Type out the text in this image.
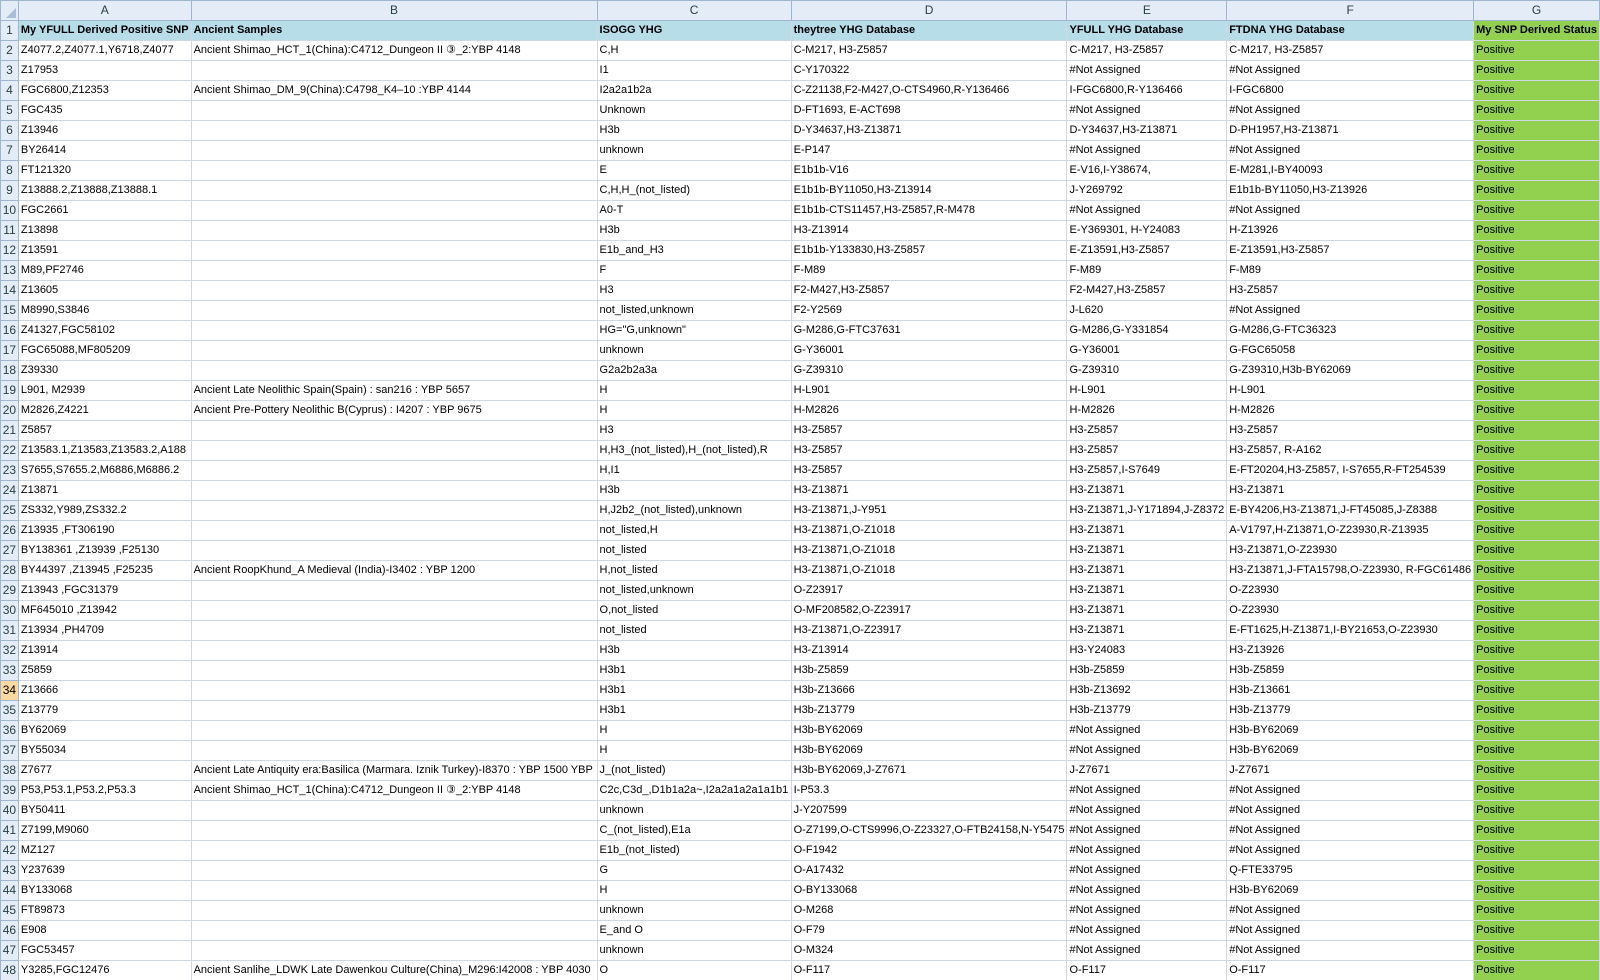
	A	B	C	D	E	F	G
1	My YFULL Derived Positive SNP	Ancient Samples	ISOGG YHG	theytree YHG Database	YFULL YHG Database	FTDNA YHG Database	My SNP Derived Status
2	Z4077.2,Z4077.1,Y6718,Z4077	Ancient Shimao_HCT_1(China):C4712_Dungeon II ③_2:YBP 4148	C,H	C-M217, H3-Z5857	C-M217, H3-Z5857	C-M217, H3-Z5857	Positive
3	Z17953		I1	C-Y170322	#Not Assigned	#Not Assigned	Positive
4	FGC6800,Z12353	Ancient Shimao_DM_9(China):C4798_K4–10 :YBP 4144	I2a2a1b2a	C-Z21138,F2-M427,O-CTS4960,R-Y136466	I-FGC6800,R-Y136466	I-FGC6800	Positive
5	FGC435		Unknown	D-FT1693, E-ACT698	#Not Assigned	#Not Assigned	Positive
6	Z13946		H3b	D-Y34637,H3-Z13871	D-Y34637,H3-Z13871	D-PH1957,H3-Z13871	Positive
7	BY26414		unknown	E-P147	#Not Assigned	#Not Assigned	Positive
8	FT121320		E	E1b1b-V16	E-V16,I-Y38674,	E-M281,I-BY40093	Positive
9	Z13888.2,Z13888,Z13888.1		C,H,H_(not_listed)	E1b1b-BY11050,H3-Z13914	J-Y269792	E1b1b-BY11050,H3-Z13926	Positive
10	FGC2661		A0-T	E1b1b-CTS11457,H3-Z5857,R-M478	#Not Assigned	#Not Assigned	Positive
11	Z13898		H3b	H3-Z13914	E-Y369301, H-Y24083	H-Z13926	Positive
12	Z13591		E1b_and_H3	E1b1b-Y133830,H3-Z5857	E-Z13591,H3-Z5857	E-Z13591,H3-Z5857	Positive
13	M89,PF2746		F	F-M89	F-M89	F-M89	Positive
14	Z13605		H3	F2-M427,H3-Z5857	F2-M427,H3-Z5857	H3-Z5857	Positive
15	M8990,S3846		not_listed,unknown	F2-Y2569	J-L620	#Not Assigned	Positive
16	Z41327,FGC58102		HG="G,unknown"	G-M286,G-FTC37631	G-M286,G-Y331854	G-M286,G-FTC36323	Positive
17	FGC65088,MF805209		unknown	G-Y36001	G-Y36001	G-FGC65058	Positive
18	Z39330		G2a2b2a3a	G-Z39310	G-Z39310	G-Z39310,H3b-BY62069	Positive
19	L901, M2939	Ancient Late Neolithic Spain(Spain) : san216 : YBP 5657	H	H-L901	H-L901	H-L901	Positive
20	M2826,Z4221	Ancient Pre-Pottery Neolithic B(Cyprus) : I4207 : YBP 9675	H	H-M2826	H-M2826	H-M2826	Positive
21	Z5857		H3	H3-Z5857	H3-Z5857	H3-Z5857	Positive
22	Z13583.1,Z13583,Z13583.2,A188		H,H3_(not_listed),H_(not_listed),R	H3-Z5857	H3-Z5857	H3-Z5857, R-A162	Positive
23	S7655,S7655.2,M6886,M6886.2		H,I1	H3-Z5857	H3-Z5857,I-S7649	E-FT20204,H3-Z5857, I-S7655,R-FT254539	Positive
24	Z13871		H3b	H3-Z13871	H3-Z13871	H3-Z13871	Positive
25	ZS332,Y989,ZS332.2		H,J2b2_(not_listed),unknown	H3-Z13871,J-Y951	H3-Z13871,J-Y171894,J-Z8372	E-BY4206,H3-Z13871,J-FT45085,J-Z8388	Positive
26	Z13935 ,FT306190		not_listed,H	H3-Z13871,O-Z1018	H3-Z13871	A-V1797,H-Z13871,O-Z23930,R-Z13935	Positive
27	BY138361 ,Z13939 ,F25130		not_listed	H3-Z13871,O-Z1018	H3-Z13871	H3-Z13871,O-Z23930	Positive
28	BY44397 ,Z13945 ,F25235	Ancient RoopKhund_A Medieval (India)-I3402 : YBP 1200	H,not_listed	H3-Z13871,O-Z1018	H3-Z13871	H3-Z13871,J-FTA15798,O-Z23930, R-FGC61486	Positive
29	Z13943 ,FGC31379		not_listed,unknown	O-Z23917	H3-Z13871	O-Z23930	Positive
30	MF645010 ,Z13942		O,not_listed	O-MF208582,O-Z23917	H3-Z13871	O-Z23930	Positive
31	Z13934 ,PH4709		not_listed	H3-Z13871,O-Z23917	H3-Z13871	E-FT1625,H-Z13871,I-BY21653,O-Z23930	Positive
32	Z13914		H3b	H3-Z13914	H3-Y24083	H3-Z13926	Positive
33	Z5859		H3b1	H3b-Z5859	H3b-Z5859	H3b-Z5859	Positive
34	Z13666		H3b1	H3b-Z13666	H3b-Z13692	H3b-Z13661	Positive
35	Z13779		H3b1	H3b-Z13779	H3b-Z13779	H3b-Z13779	Positive
36	BY62069		H	H3b-BY62069	#Not Assigned	H3b-BY62069	Positive
37	BY55034		H	H3b-BY62069	#Not Assigned	H3b-BY62069	Positive
38	Z7677	Ancient Late Antiquity era:Basilica (Marmara. Iznik Turkey)-I8370 : YBP 1500 YBP	J_(not_listed)	H3b-BY62069,J-Z7671	J-Z7671	J-Z7671	Positive
39	P53,P53.1,P53.2,P53.3	Ancient Shimao_HCT_1(China):C4712_Dungeon II ③_2:YBP 4148	C2c,C3d_,D1b1a2a~,I2a2a1a2a1a1b1	I-P53.3	#Not Assigned	#Not Assigned	Positive
40	BY50411		unknown	J-Y207599	#Not Assigned	#Not Assigned	Positive
41	Z7199,M9060		C_(not_listed),E1a	O-Z7199,O-CTS9996,O-Z23327,O-FTB24158,N-Y5475	#Not Assigned	#Not Assigned	Positive
42	MZ127		E1b_(not_listed)	O-F1942	#Not Assigned	#Not Assigned	Positive
43	Y237639		G	O-A17432	#Not Assigned	Q-FTE33795	Positive
44	BY133068		H	O-BY133068	#Not Assigned	H3b-BY62069	Positive
45	FT89873		unknown	O-M268	#Not Assigned	#Not Assigned	Positive
46	E908		E_and O	O-F79	#Not Assigned	#Not Assigned	Positive
47	FGC53457		unknown	O-M324	#Not Assigned	#Not Assigned	Positive
48	Y3285,FGC12476	Ancient Sanlihe_LDWK Late Dawenkou Culture(China)_M296:I42008 : YBP 4030	O	O-F117	O-F117	O-F117	Positive
